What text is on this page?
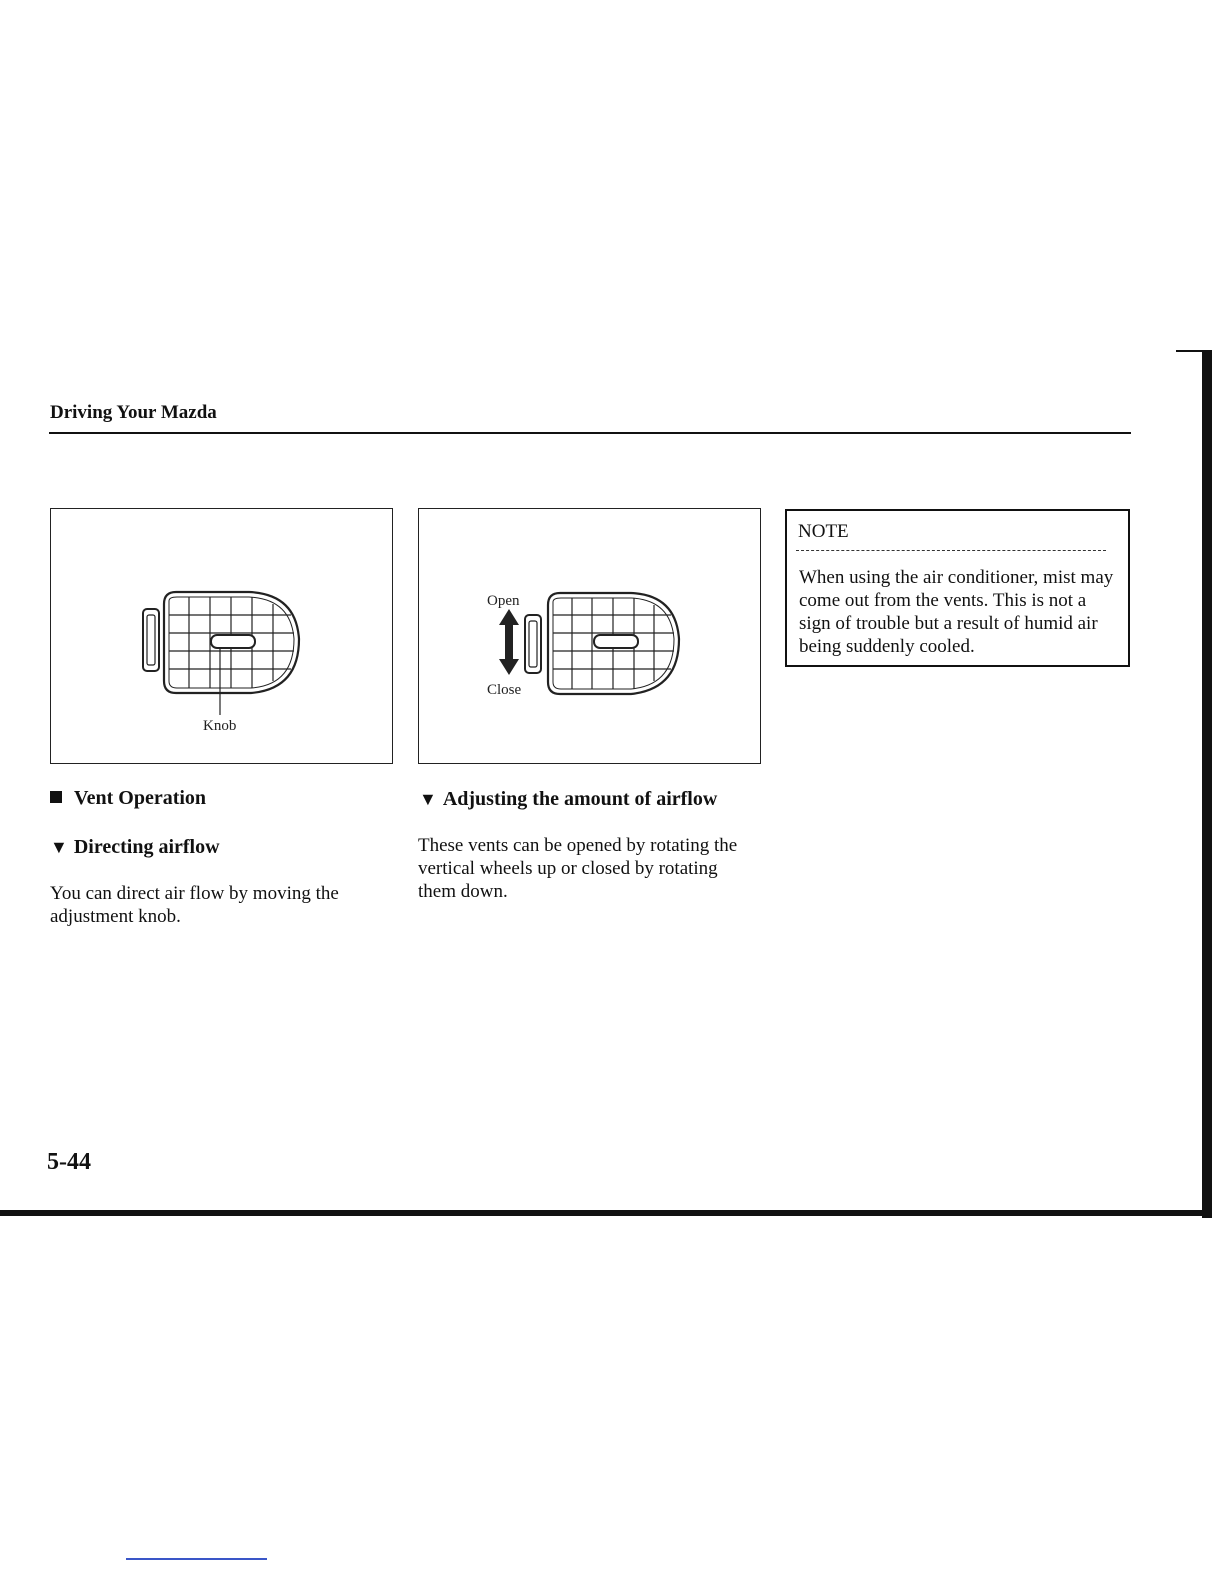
Driving Your Mazda
Knob
Open
Close
NOTE
When using the air conditioner, mist may come out from the vents. This is not a sign of trouble but a result of humid air being suddenly cooled.
Vent Operation
▼ Directing airflow
You can direct air flow by moving the adjustment knob.
▼ Adjusting the amount of airflow
These vents can be opened by rotating the vertical wheels up or closed by rotating them down.
5-44
